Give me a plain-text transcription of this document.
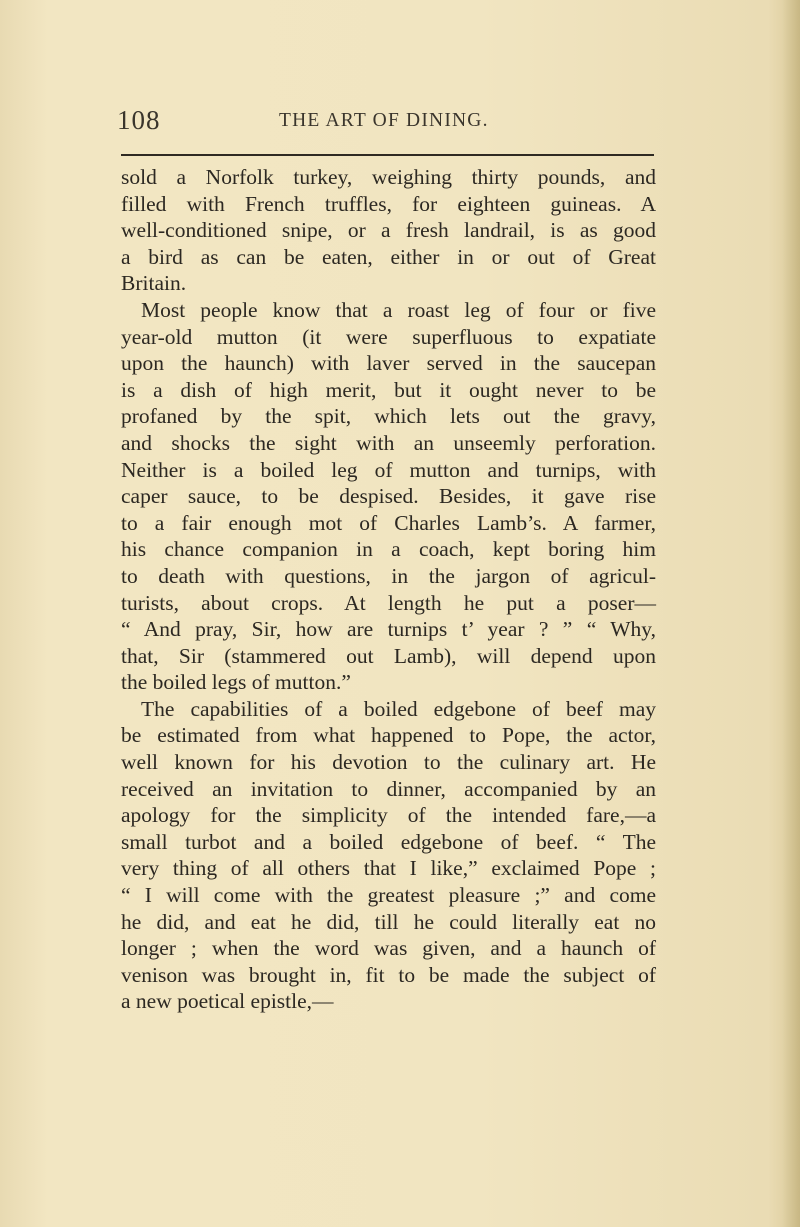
108	THE ART OF DINING.
sold a Norfolk turkey, weighing thirty pounds, and
filled with French truffles, for eighteen guineas. A
well-conditioned snipe, or a fresh landrail, is as good
a bird as can be eaten, either in or out of Great
Britain.
Most people know that a roast leg of four or five
year-old mutton (it were superfluous to expatiate
upon the haunch) with laver served in the saucepan
is a dish of high merit, but it ought never to be
profaned by the spit, which lets out the gravy,
and shocks the sight with an unseemly perforation.
Neither is a boiled leg of mutton and turnips, with
caper sauce, to be despised. Besides, it gave rise
to a fair enough mot of Charles Lamb’s. A farmer,
his chance companion in a coach, kept boring him
to death with questions, in the jargon of agricul-
turists, about crops. At length he put a poser—
“ And pray, Sir, how are turnips t’ year ? ” “ Why,
that, Sir (stammered out Lamb), will depend upon
the boiled legs of mutton.”
The capabilities of a boiled edgebone of beef may
be estimated from what happened to Pope, the actor,
well known for his devotion to the culinary art. He
received an invitation to dinner, accompanied by an
apology for the simplicity of the intended fare,—a
small turbot and a boiled edgebone of beef. “ The
very thing of all others that I like,” exclaimed Pope ;
“ I will come with the greatest pleasure ;” and come
he did, and eat he did, till he could literally eat no
longer ; when the word was given, and a haunch of
venison was brought in, fit to be made the subject of
a new poetical epistle,—
